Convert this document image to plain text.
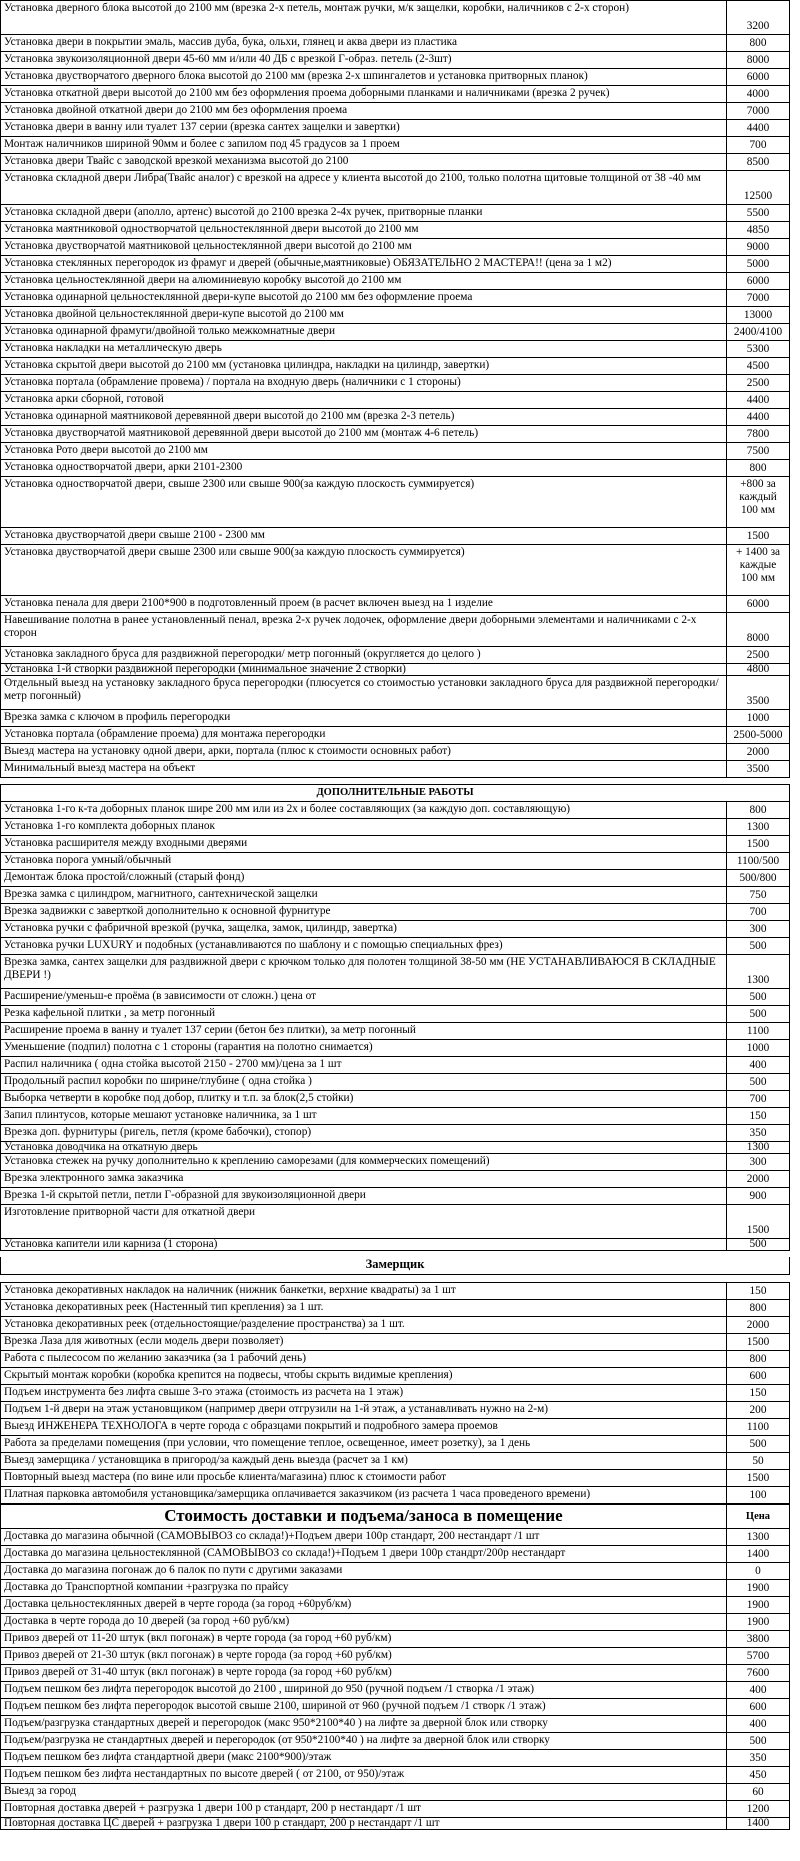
Установка дверного блока высотой до 2100 мм (врезка 2-х петель, монтаж ручки, м/к защелки, коробки, наличников с 2-х сторон)	3200
Установка двери в покрытии эмаль, массив дуба, бука, ольхи, глянец и аква двери из пластика	800
Установка звукоизоляционной двери 45-60 мм и/или 40 ДБ с врезкой Г-образ. петель (2-3шт)	8000
Установка двустворчатого дверного блока высотой до 2100 мм (врезка 2-х шпингалетов и установка притворных планок)	6000
Установка откатной двери высотой до 2100 мм без оформления проема доборными планками и наличниками (врезка 2 ручек)	4000
Установка двойной откатной двери до 2100 мм без оформления проема	7000
Установка двери в ванну или туалет 137 серии (врезка сантех защелки и завертки)	4400
Монтаж наличников шириной 90мм и более с запилом под 45 градусов за 1 проем	700
Установка двери Твайс с заводской врезкой механизма высотой до 2100	8500
Установка складной двери Либра(Твайс аналог) с врезкой на адресе у клиента высотой до 2100, только полотна щитовые толщиной от 38 -40 мм	12500
Установка складной двери (аполло, артенс) высотой до 2100 врезка 2-4х ручек, притворные планки	5500
Установка маятниковой одностворчатой цельностеклянной двери высотой до 2100 мм	4850
Установка двустворчатой маятниковой цельностеклянной двери высотой до 2100 мм	9000
Установка стеклянных перегородок из фрамуг и дверей (обычные,маятниковые) ОБЯЗАТЕЛЬНО 2 МАСТЕРА!! (цена за 1 м2)	5000
Установка цельностеклянной двери на алюминиевую коробку высотой до 2100 мм	6000
Установка одинарной цельностеклянной двери-купе высотой до 2100 мм без оформление проема	7000
Установка двойной цельностеклянной двери-купе высотой до 2100 мм	13000
Установка одинарной фрамуги/двойной только межкомнатные двери	2400/4100
Установка накладки на металлическую дверь	5300
Установка скрытой двери высотой до 2100 мм (установка цилиндра, накладки на цилиндр, завертки)	4500
Установка портала (обрамление провема) / портала на входную дверь (наличники с 1 стороны)	2500
Установка арки сборной, готовой	4400
Установка одинарной маятниковой деревянной двери высотой до 2100 мм (врезка 2-3 петель)	4400
Установка двустворчатой маятниковой деревянной двери высотой до 2100 мм (монтаж 4-6 петель)	7800
Установка Рото двери высотой до 2100 мм	7500
Установка одностворчатой двери, арки 2101-2300	800
Установка одностворчатой двери, свыше 2300 или свыше 900(за каждую плоскость суммируется)	+800 за каждый 100 мм
Установка двустворчатой двери свыше 2100 - 2300 мм	1500
Установка двустворчатой двери свыше 2300 или свыше 900(за каждую плоскость суммируется)	+ 1400 за каждые 100 мм
Установка пенала для двери 2100*900 в подготовленный проем (в расчет включен выезд на 1 изделие	6000
Навешивание полотна в ранее установленный пенал, врезка 2-х ручек лодочек, оформление двери доборными элементами и наличниками с 2-х сторон	8000
Установка закладного бруса для раздвижной перегородки/ метр погонный (округляется до целого )	2500
Установка 1-й створки раздвижной перегородки (минимальное значение 2 створки)	4800
Отдельный выезд на установку закладного бруса перегородки (плюсуется со стоимостью установки закладного бруса для раздвижной перегородки/ метр погонный)	3500
Врезка замка с ключом в профиль перегородки	1000
Установка портала (обрамление проема) для монтажа перегородки	2500-5000
Выезд мастера на установку одной двери, арки, портала (плюс к стоимости основных работ)	2000
Минимальный выезд мастера на объект	3500
ДОПОЛНИТЕЛЬНЫЕ РАБОТЫ	
Установка 1-го к-та доборных планок шире 200 мм или из 2х и более составляющих (за каждую доп. составляющую)	800
Установка 1-го комплекта доборных планок	1300
Установка расширителя между входными дверями	1500
Установка порога умный/обычный	1100/500
Демонтаж блока простой/сложный (старый фонд)	500/800
Врезка замка с цилиндром, магнитного, сантехнической защелки	750
Врезка задвижки с заверткой дополнительно к основной фурнитуре	700
Установка ручки с фабричной врезкой (ручка, защелка, замок, цилиндр, завертка)	300
Установка ручки LUXURY и подобных (устанавливаются по шаблону и с помощью специальных фрез)	500
Врезка замка, сантех защелки для раздвижной двери с крючком только для полотен толщиной 38-50 мм (НЕ УСТАНАВЛИВАЮСЯ В СКЛАДНЫЕ ДВЕРИ !)	1300
Расширение/уменьш-е проёма (в зависимости от сложн.) цена от	500
Резка кафельной плитки , за метр погонный	500
Расширение проема в ванну и туалет 137 серии (бетон без плитки), за метр погонный	1100
Уменьшение (подпил) полотна с 1 стороны (гарантия на полотно снимается)	1000
Распил наличника ( одна стойка высотой 2150 - 2700 мм)/цена за 1 шт	400
Продольный распил коробки по ширине/глубине ( одна стойка )	500
Выборка четверти в коробке под добор, плитку и т.п. за блок(2,5 стойки)	700
Запил плинтусов, которые мешают установке наличника, за 1 шт	150
Врезка доп. фурнитуры (ригель, петля (кроме бабочки), стопор)	350
Установка доводчика на откатную дверь	1300
Установка стежек на ручку дополнительно к креплению саморезами (для коммерческих помещений)	300
Врезка электронного замка заказчика	2000
Врезка 1-й скрытой петли, петли Г-образной для звукоизоляционной двери	900
Изготовление притворной части для откатной двери	1500
Установка капители или карниза (1 сторона)	500
Замерщик	

Установка декоративных накладок на наличник (нижник банкетки, верхние квадраты) за 1 шт	150
Установка декоративных реек (Настенный тип крепления) за 1 шт.	800
Установка декоративных реек (отдельностоящие/разделение пространства) за 1 шт.	2000
Врезка Лаза для животных (если модель двери позволяет)	1500
Работа с пылесосом по желанию заказчика (за 1 рабочий день)	800
Скрытый монтаж коробки (коробка крепится на подвесы, чтобы скрыть видимые крепления)	600
Подъем инструмента без лифта свыше 3-го этажа (стоимость из расчета на 1 этаж)	150
Подъем 1-й двери на этаж установщиком (например двери отгрузили на 1-й этаж, а устанавливать нужно на 2-м)	200
Выезд ИНЖЕНЕРА ТЕХНОЛОГА в черте города с образцами покрытий и подробного замера проемов	1100
Работа за пределами помещения (при условии, что помещение теплое, освещенное, имеет розетку), за 1 день	500
Выезд замерщика / установщика в пригород/за каждый день выезда (расчет за 1 км)	50
Повторный выезд мастера (по вине или просьбе клиента/магазина) плюс к стоимости работ	1500
Платная парковка автомобиля установщика/замерщика оплачивается заказчиком (из расчета 1 часа проведеного времени)	100
Стоимость доставки и подъема/заноса в помещение	Цена
Доставка до магазина обычной (САМОВЫВОЗ со склада!)+Подъем двери 100р стандарт, 200 нестандарт /1 шт	1300
Доставка до магазина цельностеклянной (САМОВЫВОЗ со склада!)+Подъем 1 двери 100р стандрт/200р нестандарт	1400
Доставка до магазина погонаж до 6 палок по пути с другими заказами	0
Доставка до Транспортной компании +разгрузка по прайсу	1900
Доставка цельностеклянных дверей в черте города (за город +60руб/км)	1900
Доставка в черте города до 10 дверей (за город +60 руб/км)	1900
Привоз дверей от 11-20 штук (вкл погонаж) в черте города (за город +60 руб/км)	3800
Привоз дверей от 21-30 штук (вкл погонаж) в черте города (за город +60 руб/км)	5700
Привоз дверей от 31-40 штук (вкл погонаж) в черте города (за город +60 руб/км)	7600
Подъем пешком без лифта перегородок высотой до 2100 , шириной до 950 (ручной подъем /1 створка /1 этаж)	400
Подъем пешком без лифта перегородок высотой свыше 2100, шириной от 960 (ручной подъем /1 створк /1 этаж)	600
Подъем/разгрузка стандартных дверей и перегородок (макс 950*2100*40 ) на лифте за дверной блок или створку	400
Подъем/разгрузка не стандартных дверей и перегородок (от 950*2100*40 ) на лифте за дверной блок или створку	500
Подъем пешком без лифта стандартной двери (макс 2100*900)/этаж	350
Подъем пешком без лифта нестандартных по высоте дверей ( от 2100, от 950)/этаж	450
Выезд за город	60
Повторная доставка дверей + разгрузка 1 двери 100 р стандарт, 200 р нестандарт /1 шт	1200
Повторная доставка ЦС дверей + разгрузка 1 двери 100 р стандарт, 200 р нестандарт /1 шт	1400
